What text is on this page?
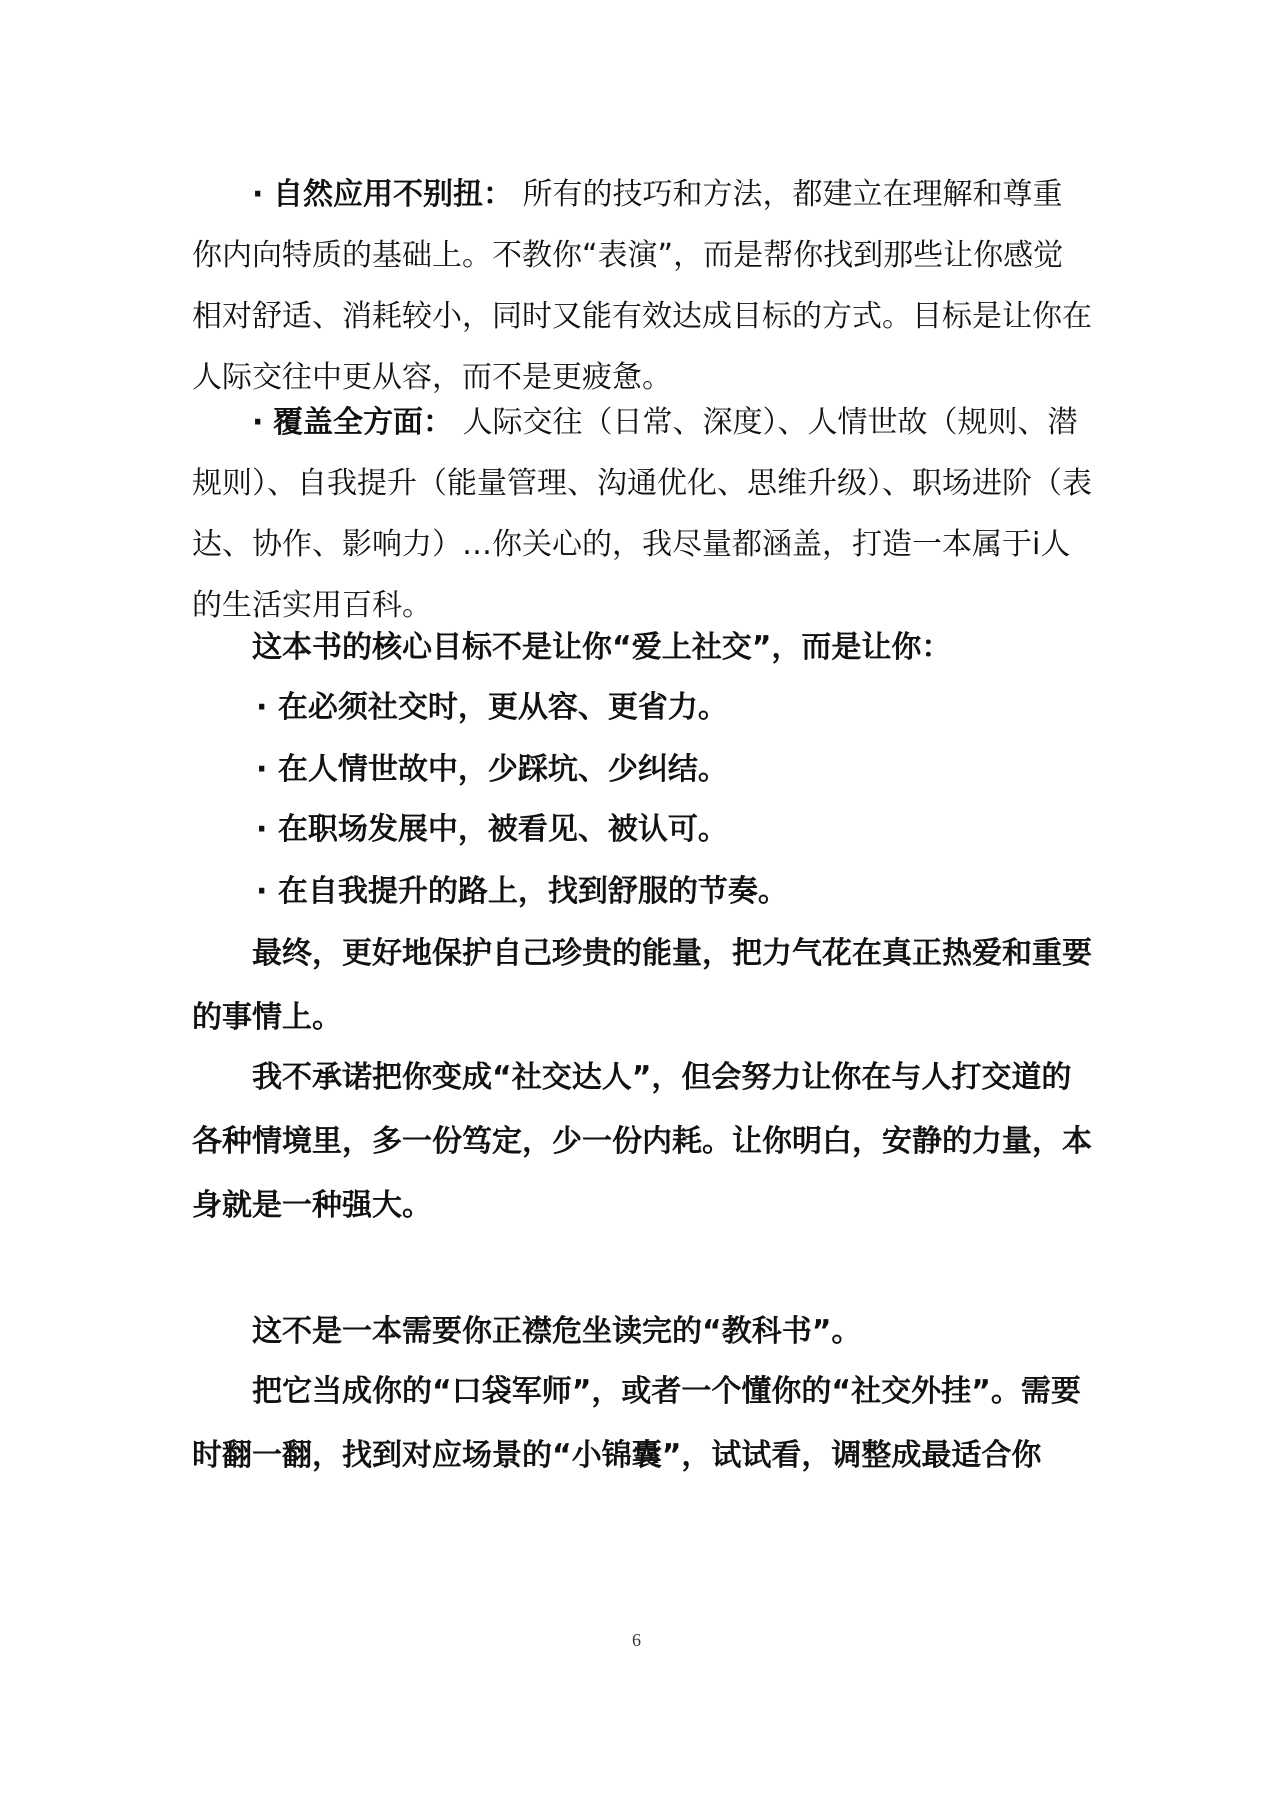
· 自然应用不别扭： 所有的技巧和方法，都建立在理解和尊重你内向特质的基础上。不教你“表演”，而是帮你找到那些让你感觉相对舒适、消耗较小，同时又能有效达成目标的方式。目标是让你在人际交往中更从容，而不是更疲惫。

· 覆盖全方面： 人际交往（日常、深度）、人情世故（规则、潜规则）、自我提升（能量管理、沟通优化、思维升级）、职场进阶（表达、协作、影响力）…你关心的，我尽量都涵盖，打造一本属于i人的生活实用百科。

这本书的核心目标不是让你“爱上社交”，而是让你：

· 在必须社交时，更从容、更省力。

· 在人情世故中，少踩坑、少纠结。

· 在职场发展中，被看见、被认可。

· 在自我提升的路上，找到舒服的节奏。

最终，更好地保护自己珍贵的能量，把力气花在真正热爱和重要的事情上。

我不承诺把你变成“社交达人”，但会努力让你在与人打交道的各种情境里，多一份笃定，少一份内耗。让你明白，安静的力量，本身就是一种强大。

这不是一本需要你正襟危坐读完的“教科书”。

把它当成你的“口袋军师”，或者一个懂你的“社交外挂”。需要时翻一翻，找到对应场景的“小锦囊”，试试看，调整成最适合你

6
